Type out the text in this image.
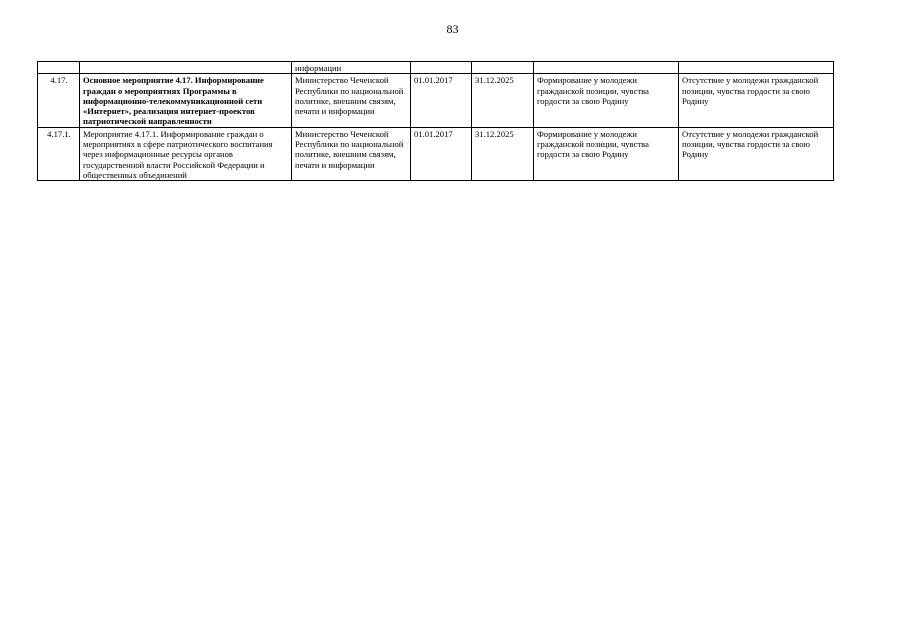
83
		информации				
4.17.	Основное мероприятие 4.17. Информирование граждан о мероприятиях Программы в информационно-телекоммуникационной сети «Интернет», реализация интернет-проектов патриотической направленности	Министерство Чеченской Республики по национальной политике, внешним связям, печати и информации	01.01.2017	31.12.2025	Формирование у молодежи гражданской позиции, чувства гордости за свою Родину	Отсутствие у молодежи гражданской позиции, чувства гордости за свою Родину
4.17.1.	Мероприятие 4.17.1. Информирование граждан о мероприятиях в сфере патриотического воспитания через информационные ресурсы органов государственной власти Российской Федерации и общественных объединений	Министерство Чеченской Республики по национальной политике, внешним связям, печати и информации	01.01.2017	31.12.2025	Формирование у молодежи гражданской позиции, чувства гордости за свою Родину	Отсутствие у молодежи гражданской позиции, чувства гордости за свою Родину
